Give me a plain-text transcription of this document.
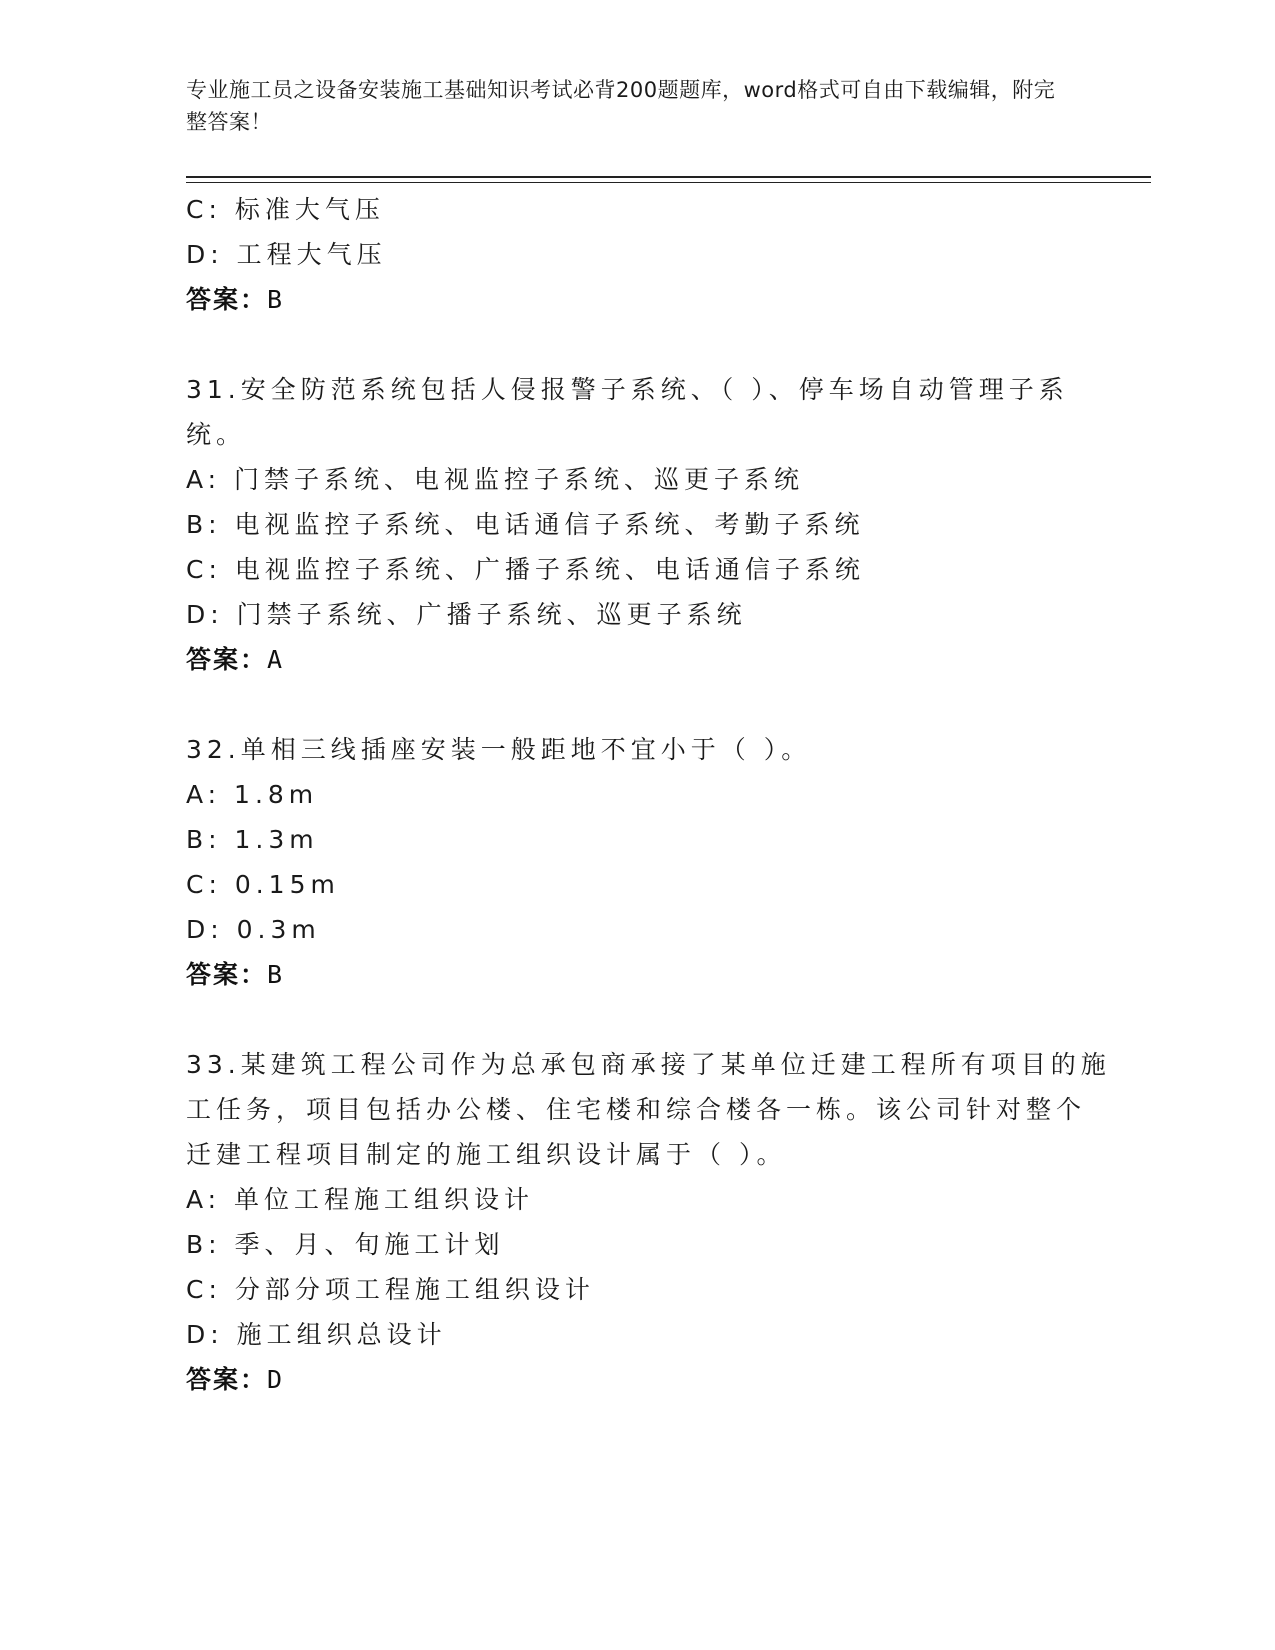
专业施工员之设备安装施工基础知识考试必背200题题库，word格式可自由下载编辑，附完整答案！
C: 标准大气压
D: 工程大气压
答案：B
31.安全防范系统包括人侵报警子系统、（ ）、停车场自动管理子系
统。
A: 门禁子系统、电视监控子系统、巡更子系统
B: 电视监控子系统、电话通信子系统、考勤子系统
C: 电视监控子系统、广播子系统、电话通信子系统
D: 门禁子系统、广播子系统、巡更子系统
答案：A
32.单相三线插座安装一般距地不宜小于（ ）。
A: 1.8m
B: 1.3m
C: 0.15m
D: 0.3m
答案：B
33.某建筑工程公司作为总承包商承接了某单位迁建工程所有项目的施
工任务，项目包括办公楼、住宅楼和综合楼各一栋。该公司针对整个
迁建工程项目制定的施工组织设计属于（ ）。
A: 单位工程施工组织设计
B: 季、月、旬施工计划
C: 分部分项工程施工组织设计
D: 施工组织总设计
答案：D
